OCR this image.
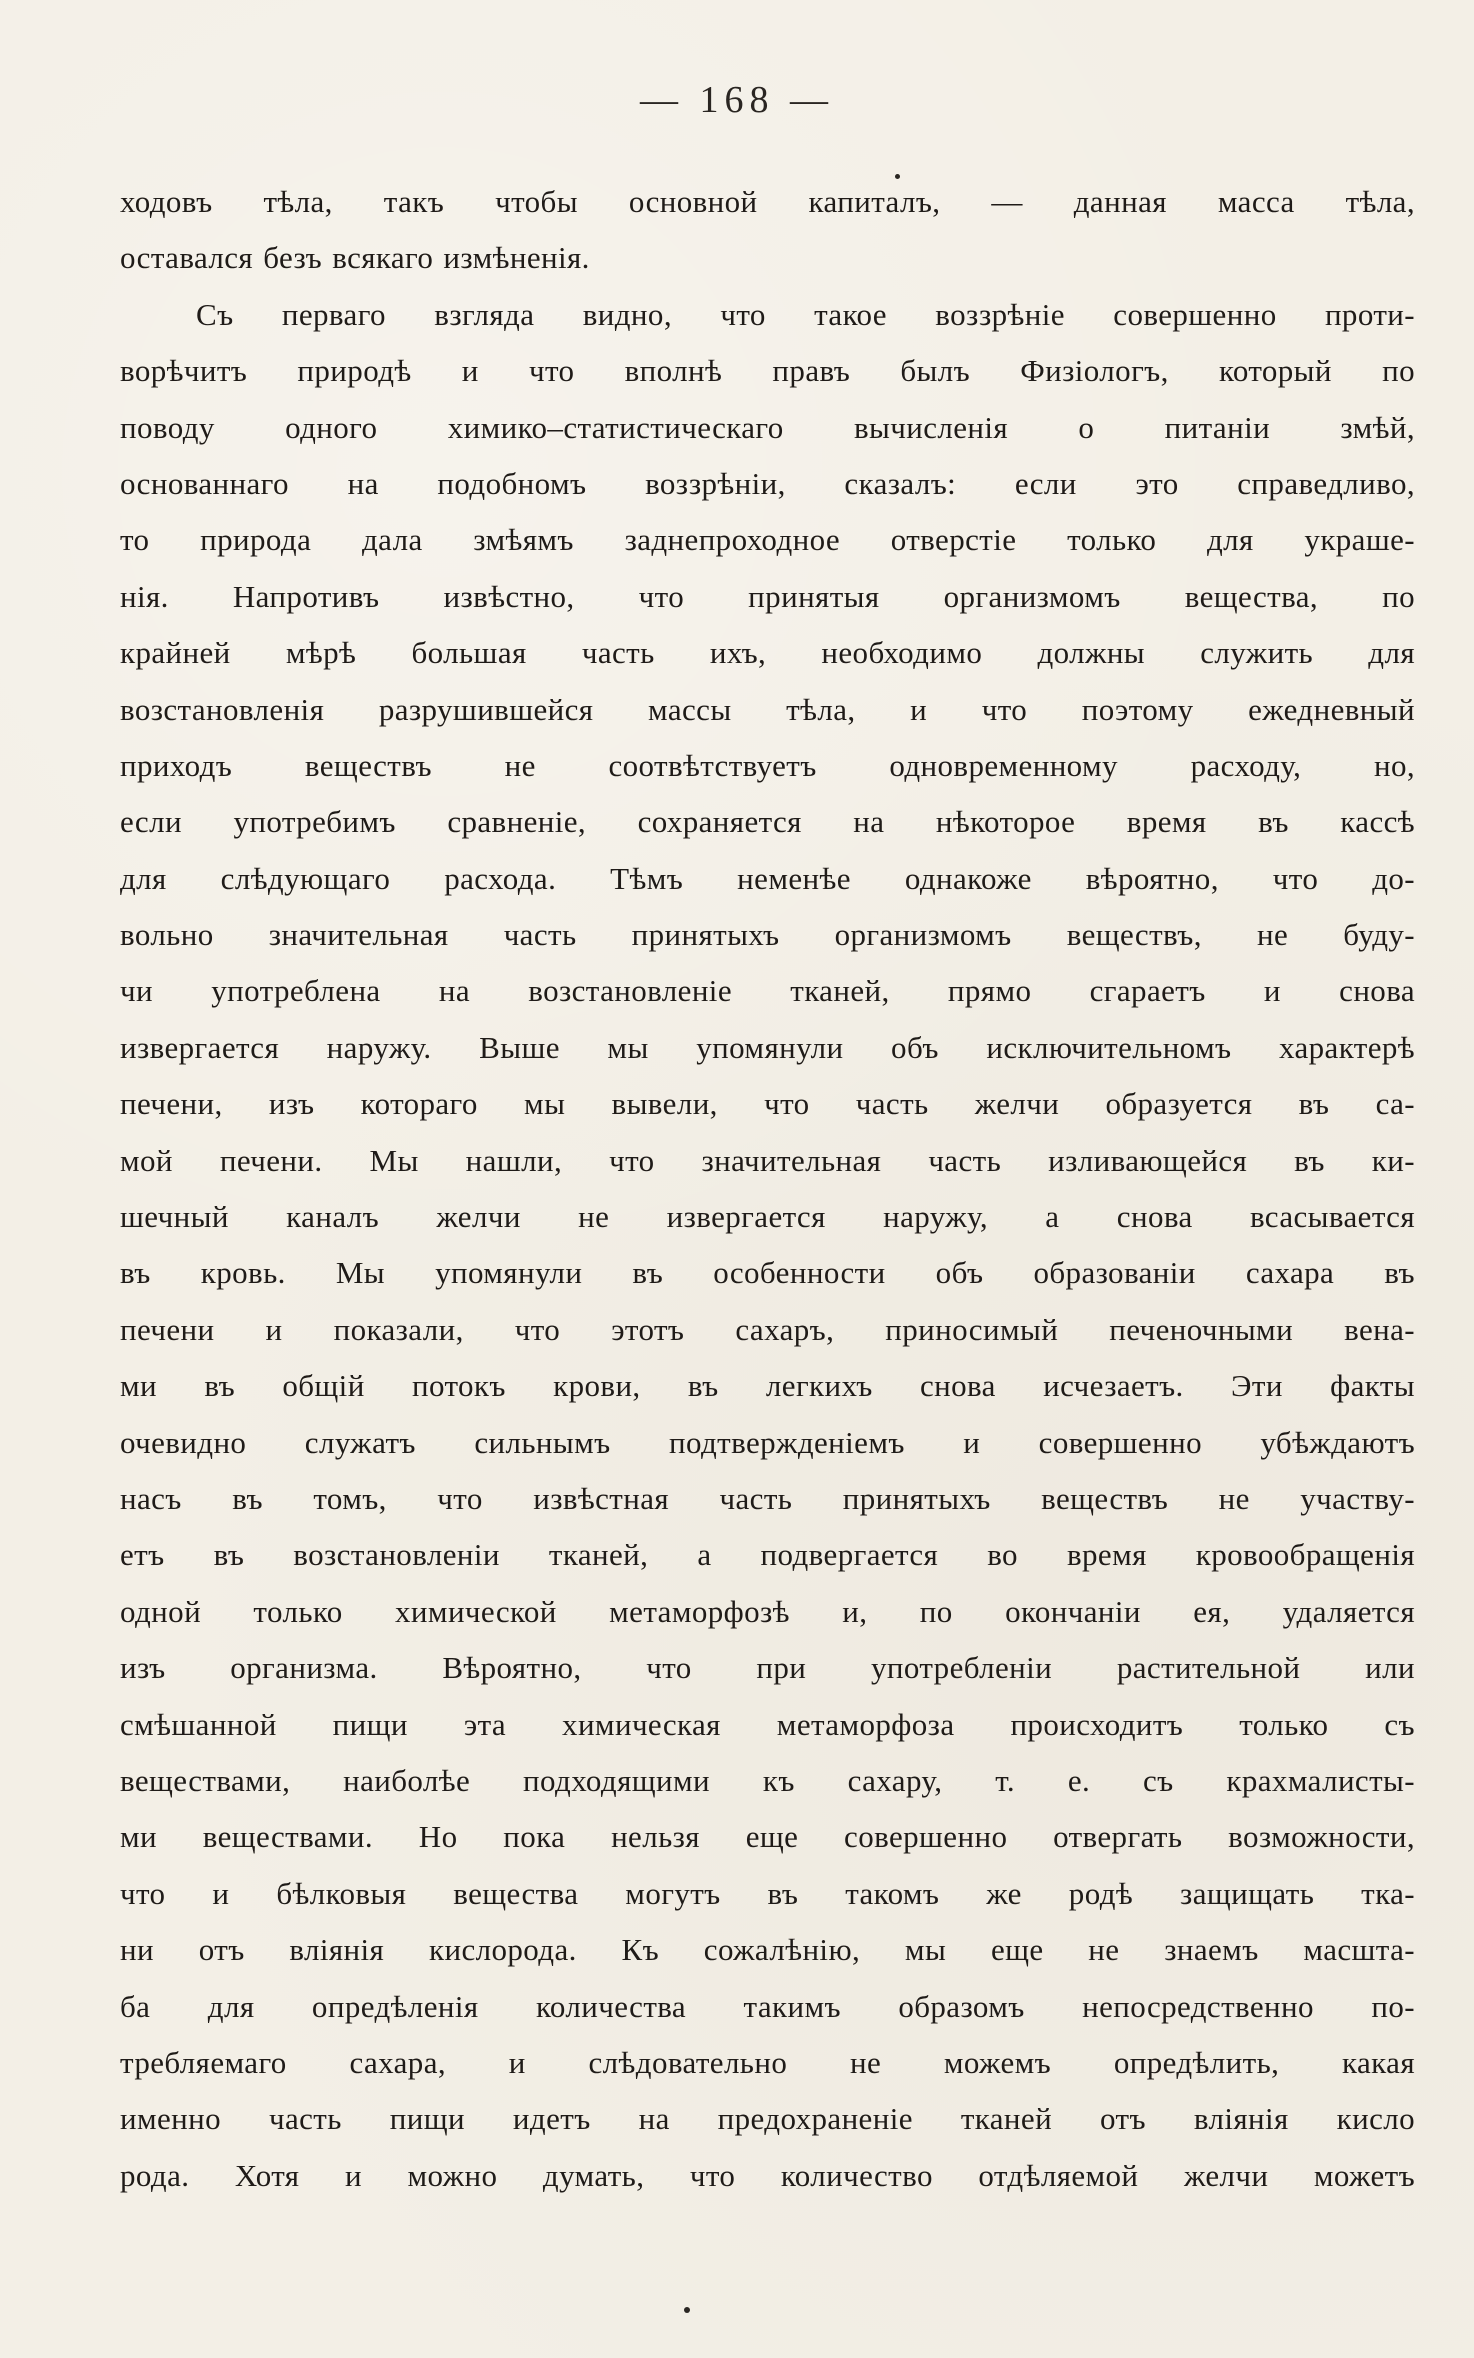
— 168 —
ходовъ тѣла, такъ чтобы основной капиталъ, — данная масса тѣла,
оставался безъ всякаго измѣненія.
Съ перваго взгляда видно, что такое воззрѣніе совершенно проти-
ворѣчитъ природѣ и что вполнѣ правъ былъ Физіологъ, который по
поводу одного химико–статистическаго вычисленія о питаніи змѣй,
основаннаго на подобномъ воззрѣніи, сказалъ: если это справедливо,
то природа дала змѣямъ заднепроходное отверстіе только для украше-
нія. Напротивъ извѣстно, что принятыя организмомъ вещества, по
крайней мѣрѣ большая часть ихъ, необходимо должны служить для
возстановленія разрушившейся массы тѣла, и что поэтому ежедневный
приходъ веществъ не соотвѣтствуетъ одновременному расходу, но,
если употребимъ сравненіе, сохраняется на нѣкоторое время въ кассѣ
для слѣдующаго расхода. Тѣмъ неменѣе однакоже вѣроятно, что до-
вольно значительная часть принятыхъ организмомъ веществъ, не буду-
чи употреблена на возстановленіе тканей, прямо сгараетъ и снова
извергается наружу. Выше мы упомянули объ исключительномъ характерѣ
печени, изъ котораго мы вывели, что часть желчи образуется въ са-
мой печени. Мы нашли, что значительная часть изливающейся въ ки-
шечный каналъ желчи не извергается наружу, а снова всасывается
въ кровь. Мы упомянули въ особенности объ образованіи сахара въ
печени и показали, что этотъ сахаръ, приносимый печеночными вена-
ми въ общій потокъ крови, въ легкихъ снова исчезаетъ. Эти факты
очевидно служатъ сильнымъ подтвержденіемъ и совершенно убѣждаютъ
насъ въ томъ, что извѣстная часть принятыхъ веществъ не участву-
етъ въ возстановленіи тканей, а подвергается во время кровообращенія
одной только химической метаморфозѣ и, по окончаніи ея, удаляется
изъ организма. Вѣроятно, что при употребленіи растительной или
смѣшанной пищи эта химическая метаморфоза происходитъ только съ
веществами, наиболѣе подходящими къ сахару, т. е. съ крахмалисты-
ми веществами. Но пока нельзя еще совершенно отвергать возможности,
что и бѣлковыя вещества могутъ въ такомъ же родѣ защищать тка-
ни отъ вліянія кислорода. Къ сожалѣнію, мы еще не знаемъ масшта-
ба для опредѣленія количества такимъ образомъ непосредственно по-
требляемаго сахара, и слѣдовательно не можемъ опредѣлить, какая
именно часть пищи идетъ на предохраненіе тканей отъ вліянія кисло
рода. Хотя и можно думать, что количество отдѣляемой желчи можетъ
